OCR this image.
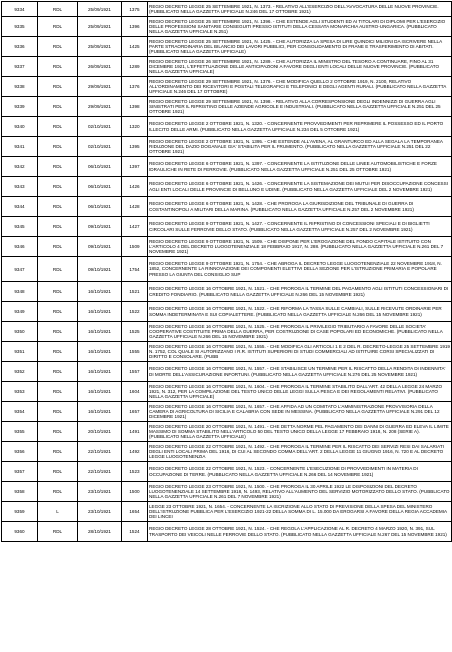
9334	RDL	25/09/1921	1375	REGIO DECRETO LEGGE 25 SETTEMBRE 1921, N. 1373. - RELATIVO ALL'ESERCIZIO DELL'AVVOCATURA DELLE NUOVE PROVINCIE. (PUBBLICATO NELLA GAZZETTA UFFICIALE N.246 DEL 17 OTTOBRE 1921)
9335	RDL	25/09/1921	1396	REGIO DECRETO LEGGE 25 SETTEMBRE 1921, N. 1396. - CHE ESTENDE AGLI STUDENTI ED AI TITOLARI DI DIPLOMI PER L'ESERCIZIO DELLE PROFESSIONI SANITARIE CONSEGUITI PRESSO ISTITUTI DELLA CESSATA MONARCHIA AUSTRO-UNGARICA. (PUBBLICATO NELLA GAZZETTA UFFICIALE N.251)
9336	RDL	25/09/1921	1425	REGIO DECRETO LEGGE 25 SETTEMBRE 1921, N. 1425. - CHE AUTORIZZA LA SPESA DI LIRE QUINDICI MILIONI DA ISCRIVERE NELLA PARTE STRAORDINARIA DEL BILANCIO DEI LAVORI PUBBLICI, PER CONSOLIDAMENTO DI FRANE E TRASFERIMENTO DI ABITATI. (PUBBLICATO NELLA GAZZETTA UFFICIALE)
9337	RDL	26/09/1921	1289	REGIO DECRETO LEGGE 26 SETTEMBRE 1921, N. 1289. - CHE AUTORIZZA IL MINISTRO DEL TESORO A CONTINUARE, FINO AL 31 DICEMBRE 1921, L'EFFETTUAZIONE DELLE ANTICIPAZIONI A FAVORE DEGLI ENTI LOCALI DELLE NUOVE PROVINCIE. (PUBBLICATO NELLA GAZZETTA UFFICIALE)
9338	RDL	29/09/1921	1376	REGIO DECRETO LEGGE 29 SETTEMBRE 1921, N. 1376. - CHE MODIFICA QUELLO 2 OTTOBRE 1919, N. 2100, RELATIVO ALL'ORDINAMENTO DEI RICEVITORI E POSTALI TELEGRAFICI E TELEFONICI E DEGLI AGENTI RURALI. (PUBBLICATO NELLA GAZZETTA UFFICIALE N.246 DEL 17 OTTOBRE)
9339	RDL	29/09/1921	1398	REGIO DECRETO LEGGE 29 SETTEMBRE 1921, N. 1398. - RELATIVO ALLA CORRESPONSIONE DEGLI INDENNIZZI DI GUERRA AGLI SINISTRATI PER IL RIPRISTINO DELLE AZIENDE AGRICOLE E INDUSTRIALI. (PUBBLICATO NELLA GAZZETTA UFFICIALE N.251 DEL 25 OTTOBRE 1921)
9340	RDL	02/10/1921	1320	REGIO DECRETO LEGGE 2 OTTOBRE 1921, N. 1320. - CONCERNENTE PROVVEDIMENTI PER REPRIMERE IL POSSESSO ED IL PORTO ILLECITO DELLE ARMI. (PUBBLICATO NELLA GAZZETTA UFFICIALE N.234 DEL 5 OTTOBRE 1921)
9341	RDL	02/10/1921	1395	REGIO DECRETO LEGGE 2 OTTOBRE 1921, N. 1395. - CHE ESTENDE ALL'AVENA, AL GRANTURCO ED ALLA SEGALA LA TEMPORANEA RIDUZIONE DEL DAZIO DOGANALE GIA' STABILITA PER IL FRUMENTO. (PUBBLICATO NELLA GAZZETTA UFFICIALE N.251 DEL 22 OTTOBRE 1921)
9342	RDL	06/10/1921	1397	REGIO DECRETO LEGGE 6 OTTOBRE 1921, N. 1397. - CONCERNENTE LA ISTITUZIONE DELLE LINEE AUTOMOBILISTICHE E FORZE IDRAULICHE IN RETE DI FERROVIE. (PUBBLICATO NELLA GAZZETTA UFFICIALE N.251 DEL 25 OTTOBRE 1921)
9343	RDL	06/10/1921	1426	REGIO DECRETO LEGGE 6 OTTOBRE 1921, N. 1426. - CONCERNENTE LA SISTEMAZIONE DEI MUTUI PER DISOCCUPAZIONE CONCESSI AGLI ENTI LOCALI DELLE PROVINCIE DI BELLUNO E UDINE. (PUBBLICATO NELLA GAZZETTA UFFICIALE DEL 2 NOVEMBRE 1921)
9344	RDL	06/10/1921	1428	REGIO DECRETO LEGGE 6 OTTOBRE 1921, N. 1428. - CHE PROROGA LA GIURISDIZIONE DEL TRIBUNALE DI GUERRA DI COSTANTINOPOLI A MILITARI DELLA MARINA. (PUBBLICATO NELLA GAZZETTA UFFICIALE N.257 DEL 2 NOVEMBRE 1921)
9345	RDL	09/10/1921	1427	REGIO DECRETO LEGGE 9 OTTOBRE 1921, N. 1427. - CONCERNENTE IL RIPRISTINO DI CONCESSIONI SPECIALI E DI BIGLIETTI CIRCOLARI SULLE FERROVIE DELLO STATO. (PUBBLICATO NELLA GAZZETTA UFFICIALE N.257 DEL 2 NOVEMBRE 1921)
9346	RDL	09/10/1921	1509	REGIO DECRETO LEGGE 9 OTTOBRE 1921, N. 1509. - CHE DISPONE PER L'EROGAZIONE DEL FONDO CAPITALE ISTITUITO CON L'ARTICOLO 4 DEL DECRETO LUOGOTENENZIALE 18 FEBBRAIO 1917, N. 288. (PUBBLICATO NELLA GAZZETTA UFFICIALE N.261 DEL 7 NOVEMBRE 1921)
9347	RDL	09/10/1921	1754	REGIO DECRETO LEGGE 9 OTTOBRE 1921, N. 1754. - CHE ABROGA IL DECRETO LEGGE LUOGOTENENZIALE 22 NOVEMBRE 1918, N. 1852, CONCERNENTE LA RINNOVAZIONE DEI COMPONENTI ELETTIVI DELLA SEZIONE PER L'ISTRUZIONE PRIMARIA E POPOLARE PRESSO LA GIUNTA DEL CONSIGLIO SUP
9348	RDL	16/10/1921	1521	REGIO DECRETO LEGGE 16 OTTOBRE 1921, N. 1521. - CHE PROROGA IL TERMINE DEL PAGAMENTO AGLI ISTITUTI CONCESSIONARI DI CREDITO FONDIARIO. (PUBBLICATO NELLA GAZZETTA UFFICIALE N.266 DEL 15 NOVEMBRE 1921)
9349	RDL	16/10/1921	1522	REGIO DECRETO LEGGE 16 OTTOBRE 1921, N. 1522. - CHE RIFORMA LA TASSA SULLE CAMBIALI, SULLE RICEVUTE ORDINARIE PER SOMMA INDETERMINATA E SUI COPIALETTERE. (PUBBLICATO NELLA GAZZETTA UFFICIALE N.266 DEL 15 NOVEMBRE 1921)
9350	RDL	16/10/1921	1525	REGIO DECRETO LEGGE 16 OTTOBRE 1921, N. 1525. - CHE PROROGA IL PRIVILEGIO TRIBUTARIO A FAVORE DELLE SOCIETA' COOPERATIVE COSTITUITE PRIMA DELLA GUERRA, PER COSTRUZIONE DI CASE POPOLARI ED ECONOMICHE. (PUBBLICATO NELLA GAZZETTA UFFICIALE N.266 DEL 15 NOVEMBRE 1921)
9351	RDL	16/10/1921	1555	REGIO DECRETO LEGGE 16 OTTOBRE 1921, N. 1555. - CHE MODIFICA GLI ARTICOLI 1 E 2 DEL R. DECRETO-LEGGE 25 SETTEMBRE 1919 N. 1752, COL QUALE SI AUTORIZZANO I R.R. ISTITUTI SUPERIORI DI STUDI COMMERCIALI AD ISTITUIRE CORSI SPECIALIZZATI DI DIRITTO E CONSOLARE. (PUBB
9352	RDL	16/10/1921	1557	REGIO DECRETO LEGGE 16 OTTOBRE 1921, N. 1557. - CHE STABILISCE UN TERMINE PER IL RISCATTO DELLA RENDITA DI INDENNITA' DI MORTE DELL'ASSICURAZIONE INFORTUNI. (PUBBLICATO NELLA GAZZETTA UFFICIALE N.276 DEL 25 NOVEMBRE 1921)
9353	RDL	16/10/1921	1604	REGIO DECRETO LEGGE 16 OTTOBRE 1921, N. 1604. - CHE PROROGA IL TERMINE STABILITO DALL'ART. 42 DELLA LEGGE 24 MARZO 1921, N. 312, PER LA COMPILAZIONE DEL TESTO UNICO DELLE LEGGI SULLA PESCA E DEI REGOLAMENTI RELATIVI. (PUBBLICATO NELLA GAZZETTA UFFICIALE)
9354	RDL	16/10/1921	1657	REGIO DECRETO LEGGE 16 OTTOBRE 1921, N. 1657. - CHE AFFIDA AD UN COMITATO L'AMMINISTRAZIONE PROVVISORIA DELLA CAMERA DI AGRICOLTURA DI SICILIA E CALABRIA CON SEDE IN MESSINA. (PUBBLICATO NELLA GAZZETTA UFFICIALE N.291 DEL 12 DICEMBRE 1921)
9355	RDL	20/10/1921	1491	REGIO DECRETO LEGGE 20 OTTOBRE 1921, N. 1491. - CHE DETTA NORME PEL PAGAMENTO DEI DANNI DI GUERRA ED ELEVA IL LIMITE MASSIMO DI SOMMA STABILITO NELL'ARTICOLO 50 DEL TESTO UNICO DELLA LEGGE 17 FEBBRAIO 1918, N. 208 (SERIE A). (PUBBLICATO NELLA GAZZETTA UFFICIALE)
9356	RDL	22/10/1921	1492	REGIO DECRETO LEGGE 22 OTTOBRE 1921, N. 1492. - CHE PROROGA IL TERMINE PER IL RISCATTO DEI SERVIZI RESI DAI SALARIATI DEGLI ENTI LOCALI PRIMA DEL 1916, DI CUI AL SECONDO COMMA DELL'ART. 2 DELLA LEGGE 11 GIUGNO 1916, N. 720 E AL DECRETO LEGGE LUOGOTENENZIA
9357	RDL	22/10/1921	1523	REGIO DECRETO LEGGE 22 OTTOBRE 1921, N. 1523. - CONCERNENTE L'ESECUZIONE DI PROVVEDIMENTI IN MATERIA DI OCCUPAZIONE DI TERRE. (PUBBLICATO NELLA GAZZETTA UFFICIALE N.266 DEL 14 NOVEMBRE 1921)
9358	RDL	23/10/1921	1500	REGIO DECRETO LEGGE 23 OTTOBRE 1921, N. 1500. - CHE PROROGA IL 30 APRILE 1922 LE DISPOSIZIONI DEL DECRETO LUOGOTENENZIALE 14 SETTEMBRE 1918, N. 1493, RELATIVO ALL'AUMENTO DEL SERVIZIO MOTORIZZATO DELLO STATO. (PUBBLICATO NELLA GAZZETTA UFFICIALE N.261 DEL 7 NOVEMBRE 1921)
9359	L	23/10/1921	1654	LEGGE 23 OTTOBRE 1921, N. 1654. - CONCERNENTE LA ISCRIZIONE ALLO STATO DI PREVISIONE DELLA SPESA DEL MINISTERO DELL'ISTRUZIONE PUBBLICA PER L'ESERCIZIO 1921-22 DELLA SOMMA DI L. 15.000 DA EROGARSI A FAVORE DELLA REGIA ACCADEMIA DEI LINCEI
9360	RDL	28/10/1921	1524	REGIO DECRETO LEGGE 28 OTTOBRE 1921, N. 1524. - CHE REGOLA L'APPLICAZIONE AL R. DECRETO 4 MARZO 1920, N. 391, SUL TRASPORTO DEI VEICOLI NELLE FERROVIE DELLO STATO. (PUBBLICATO NELLA GAZZETTA UFFICIALE N.267 DEL 15 NOVEMBRE 1921)
